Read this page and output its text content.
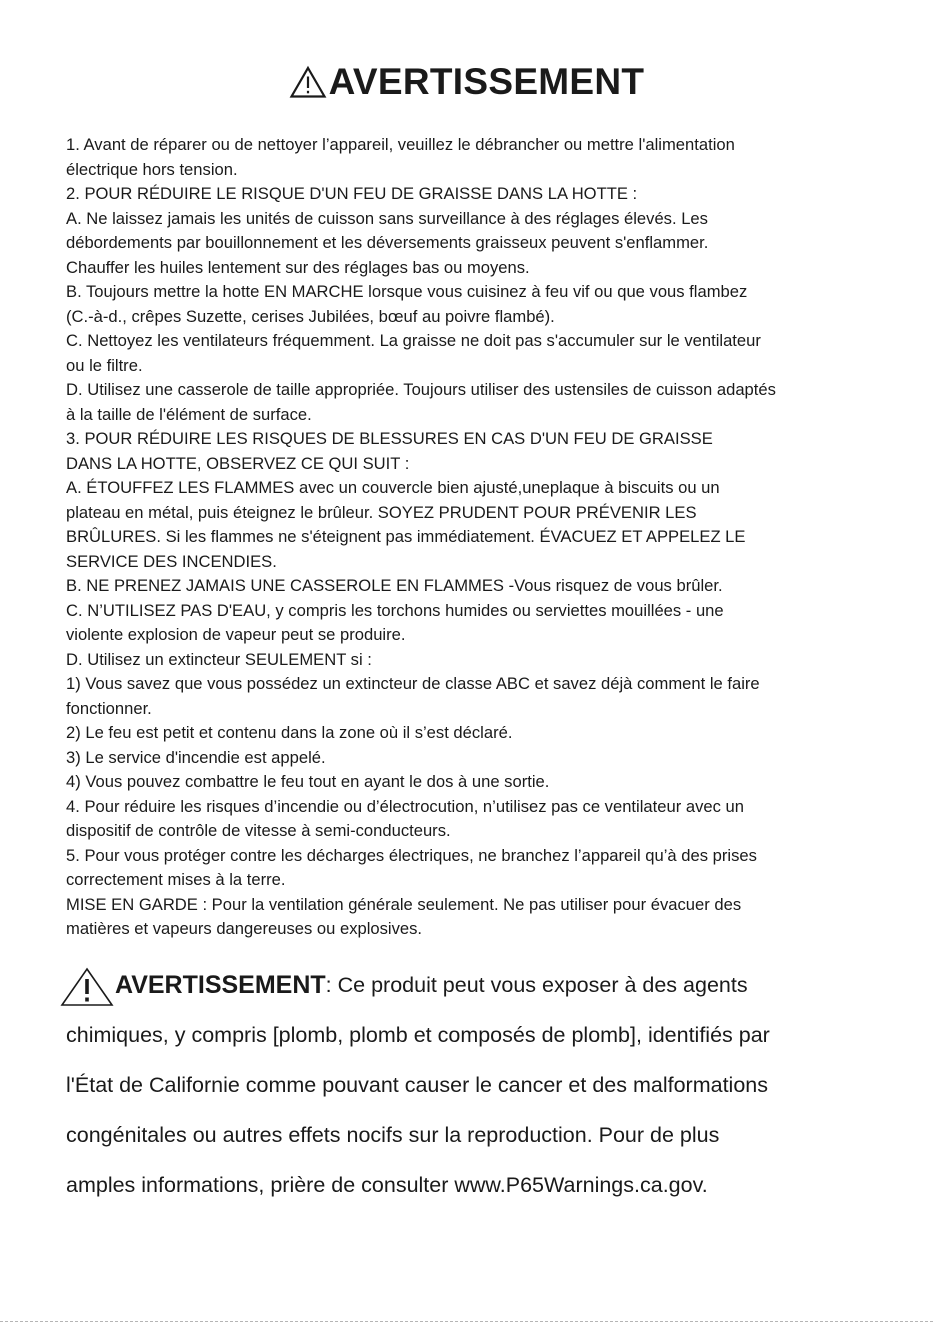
AVERTISSEMENT
1. Avant de réparer ou de nettoyer l’appareil, veuillez le débrancher ou mettre l'alimentation
électrique hors tension.
2. POUR RÉDUIRE LE RISQUE D'UN FEU DE GRAISSE DANS LA HOTTE :
A. Ne laissez jamais les unités de cuisson sans surveillance à des réglages élevés. Les
débordements par bouillonnement et les déversements graisseux peuvent s'enflammer.
Chauffer les huiles lentement sur des réglages bas ou moyens.
B. Toujours mettre la hotte EN MARCHE lorsque vous cuisinez à feu vif ou que vous flambez
(C.-à-d., crêpes Suzette, cerises Jubilées, bœuf au poivre flambé).
C. Nettoyez les ventilateurs fréquemment. La graisse ne doit pas s'accumuler sur le ventilateur
ou le filtre.
D. Utilisez une casserole de taille appropriée. Toujours utiliser des ustensiles de cuisson adaptés
à la taille de l'élément de surface.
3. POUR RÉDUIRE LES RISQUES DE BLESSURES EN CAS D'UN FEU DE GRAISSE
DANS LA HOTTE, OBSERVEZ CE QUI SUIT :
A. ÉTOUFFEZ LES FLAMMES avec un couvercle bien ajusté,uneplaque à biscuits ou un
plateau en métal, puis éteignez le brûleur. SOYEZ PRUDENT POUR PRÉVENIR LES
BRÛLURES. Si les flammes ne s'éteignent pas immédiatement. ÉVACUEZ ET APPELEZ LE
SERVICE DES INCENDIES.
B. NE PRENEZ JAMAIS UNE CASSEROLE EN FLAMMES -Vous risquez de vous brûler.
C. N’UTILISEZ PAS D'EAU, y compris les torchons humides ou serviettes mouillées - une
violente explosion de vapeur peut se produire.
D. Utilisez un extincteur SEULEMENT si :
1) Vous savez que vous possédez un extincteur de classe ABC et savez déjà comment le faire
fonctionner.
2) Le feu est petit et contenu dans la zone où il s’est déclaré.
3) Le service d'incendie est appelé.
4) Vous pouvez combattre le feu tout en ayant le dos à une sortie.
4. Pour réduire les risques d’incendie ou d’électrocution, n’utilisez pas ce ventilateur avec un
dispositif de contrôle de vitesse à semi-conducteurs.
5. Pour vous protéger contre les décharges électriques, ne branchez l’appareil qu’à des prises
correctement mises à la terre.
MISE EN GARDE : Pour la ventilation générale seulement. Ne pas utiliser pour évacuer des
matières et vapeurs dangereuses ou explosives.
AVERTISSEMENT : Ce produit peut vous exposer à des agents
chimiques, y compris [plomb, plomb et composés de plomb], identifiés par
l'État de Californie comme pouvant causer le cancer et des malformations
congénitales ou autres effets nocifs sur la reproduction. Pour de plus
amples informations, prière de consulter www.P65Warnings.ca.gov.
